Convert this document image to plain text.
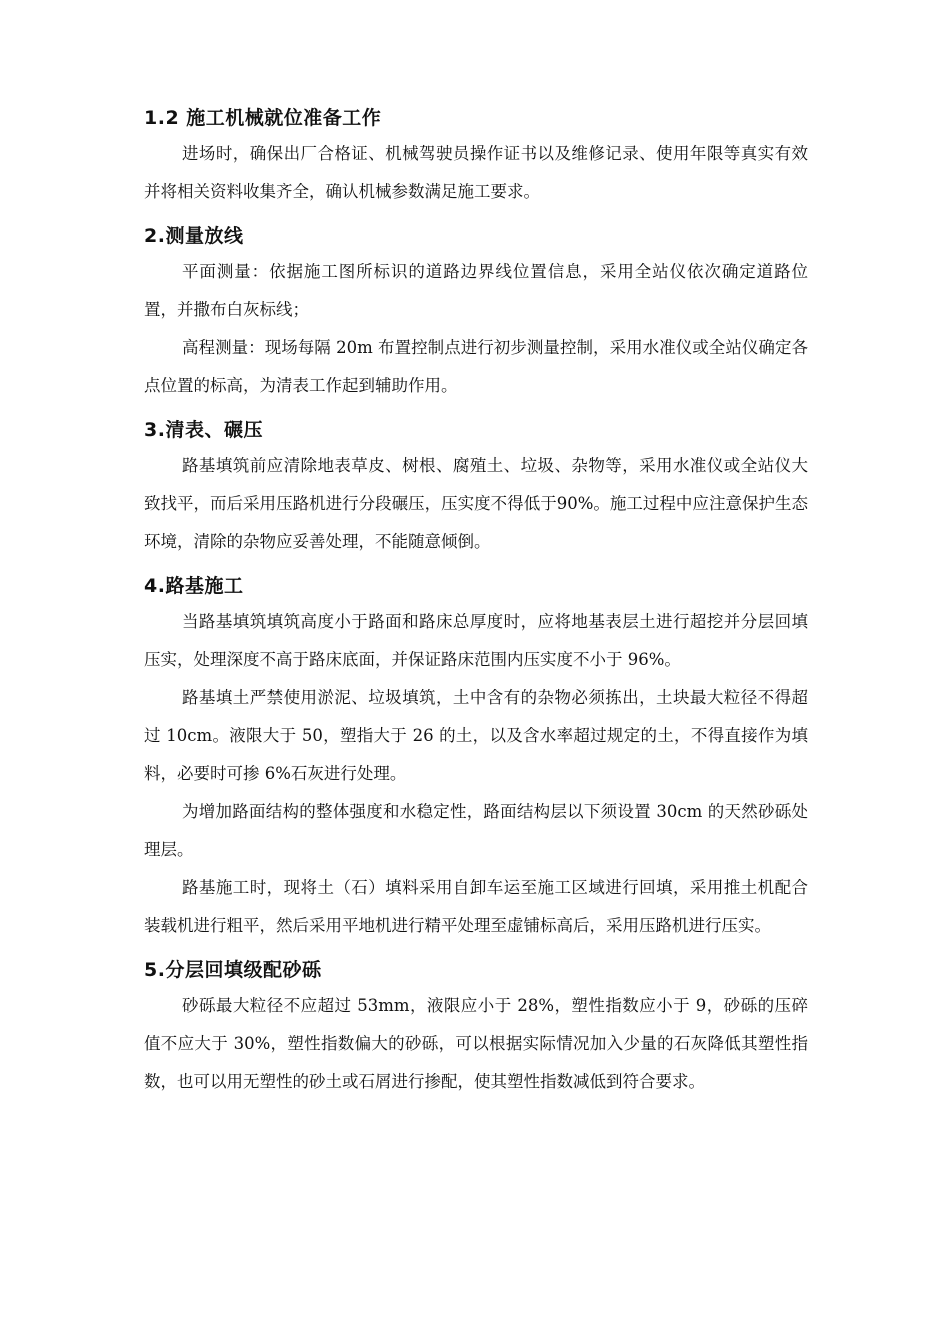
1.2 施工机械就位准备工作

进场时，确保出厂合格证、机械驾驶员操作证书以及维修记录、使用年限等真实有效并将相关资料收集齐全，确认机械参数满足施工要求。

2.测量放线

平面测量：依据施工图所标识的道路边界线位置信息，采用全站仪依次确定道路位置，并撒布白灰标线；

高程测量：现场每隔 20m 布置控制点进行初步测量控制，采用水准仪或全站仪确定各点位置的标高，为清表工作起到辅助作用。

3.清表、碾压

路基填筑前应清除地表草皮、树根、腐殖土、垃圾、杂物等，采用水准仪或全站仪大致找平，而后采用压路机进行分段碾压，压实度不得低于90%。施工过程中应注意保护生态环境，清除的杂物应妥善处理，不能随意倾倒。

4.路基施工

当路基填筑填筑高度小于路面和路床总厚度时，应将地基表层土进行超挖并分层回填压实，处理深度不高于路床底面，并保证路床范围内压实度不小于 96%。

路基填土严禁使用淤泥、垃圾填筑，土中含有的杂物必须拣出，土块最大粒径不得超过 10cm。液限大于 50，塑指大于 26 的土，以及含水率超过规定的土，不得直接作为填料，必要时可掺 6%石灰进行处理。

为增加路面结构的整体强度和水稳定性，路面结构层以下须设置 30cm 的天然砂砾处理层。

路基施工时，现将土（石）填料采用自卸车运至施工区域进行回填，采用推土机配合装载机进行粗平，然后采用平地机进行精平处理至虚铺标高后，采用压路机进行压实。

5.分层回填级配砂砾

砂砾最大粒径不应超过 53mm，液限应小于 28%，塑性指数应小于 9，砂砾的压碎值不应大于 30%，塑性指数偏大的砂砾，可以根据实际情况加入少量的石灰降低其塑性指数，也可以用无塑性的砂土或石屑进行掺配，使其塑性指数减低到符合要求。
